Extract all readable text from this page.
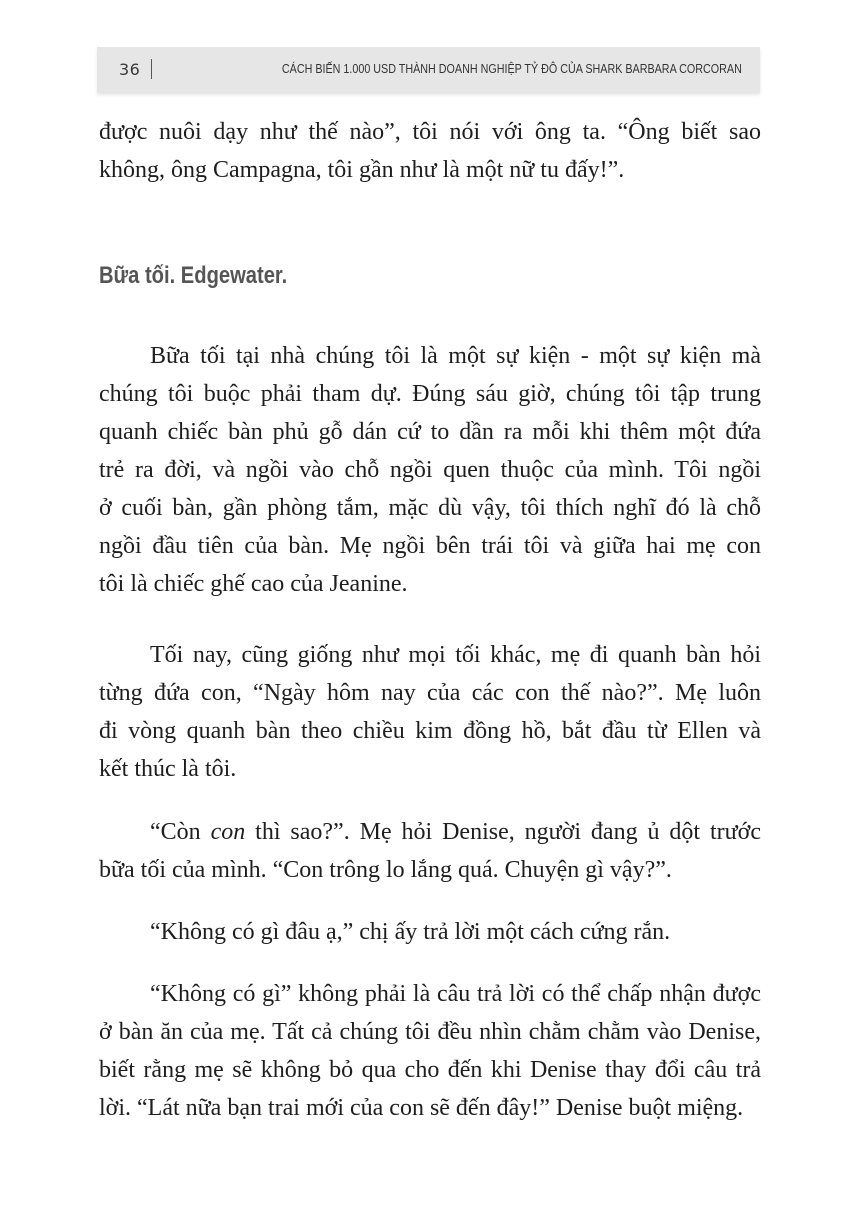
36	CÁCH BIẾN 1.000 USD THÀNH DOANH NGHIỆP TỶ ĐÔ CỦA SHARK BARBARA CORCORAN
được nuôi dạy như thế nào”, tôi nói với ông ta. “Ông biết sao
không, ông Campagna, tôi gần như là một nữ tu đấy!”.
Bữa tối. Edgewater.
Bữa tối tại nhà chúng tôi là một sự kiện - một sự kiện mà
chúng tôi buộc phải tham dự. Đúng sáu giờ, chúng tôi tập trung
quanh chiếc bàn phủ gỗ dán cứ to dần ra mỗi khi thêm một đứa
trẻ ra đời, và ngồi vào chỗ ngồi quen thuộc của mình. Tôi ngồi
ở cuối bàn, gần phòng tắm, mặc dù vậy, tôi thích nghĩ đó là chỗ
ngồi đầu tiên của bàn. Mẹ ngồi bên trái tôi và giữa hai mẹ con
tôi là chiếc ghế cao của Jeanine.
Tối nay, cũng giống như mọi tối khác, mẹ đi quanh bàn hỏi
từng đứa con, “Ngày hôm nay của các con thế nào?”. Mẹ luôn
đi vòng quanh bàn theo chiều kim đồng hồ, bắt đầu từ Ellen và
kết thúc là tôi.
“Còn con thì sao?”. Mẹ hỏi Denise, người đang ủ dột trước
bữa tối của mình. “Con trông lo lắng quá. Chuyện gì vậy?”.
“Không có gì đâu ạ,” chị ấy trả lời một cách cứng rắn.
“Không có gì” không phải là câu trả lời có thể chấp nhận được
ở bàn ăn của mẹ. Tất cả chúng tôi đều nhìn chằm chằm vào Denise,
biết rằng mẹ sẽ không bỏ qua cho đến khi Denise thay đổi câu trả
lời. “Lát nữa bạn trai mới của con sẽ đến đây!” Denise buột miệng.
